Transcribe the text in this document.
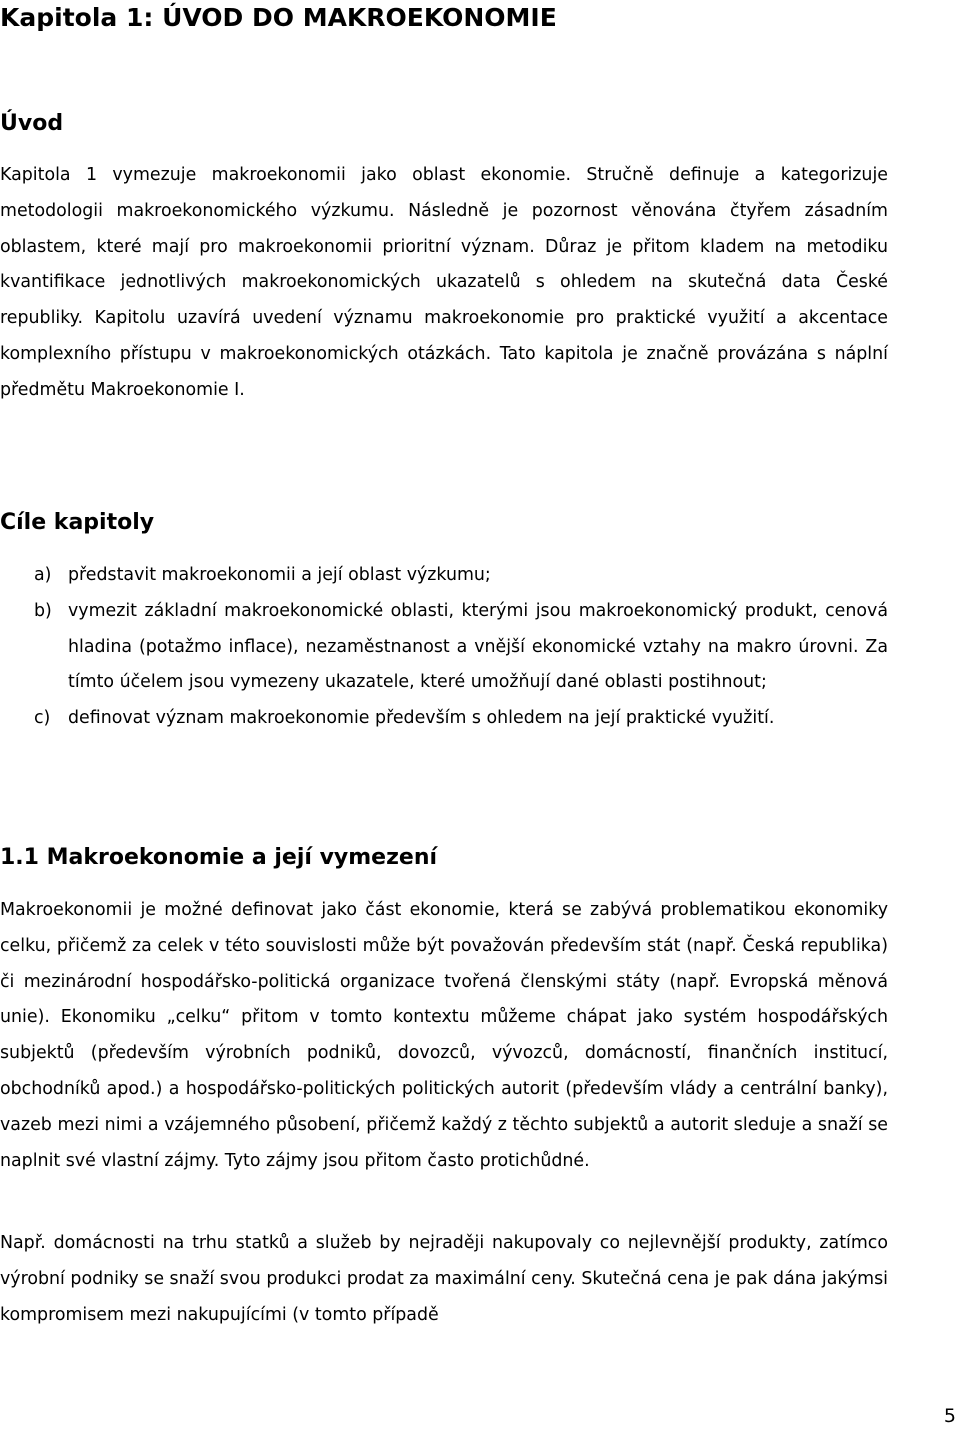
Kapitola 1: ÚVOD DO MAKROEKONOMIE
Úvod

Kapitola 1 vymezuje makroekonomii jako oblast ekonomie. Stručně definuje a kategorizuje metodologii makroekonomického výzkumu. Následně je pozornost věnována čtyřem zásadním oblastem, které mají pro makroekonomii prioritní význam. Důraz je přitom kladem na metodiku kvantifikace jednotlivých makroekonomických ukazatelů s ohledem na skutečná data České republiky. Kapitolu uzavírá uvedení významu makroekonomie pro praktické využití a akcentace komplexního přístupu v makroekonomických otázkách. Tato kapitola je značně provázána s náplní předmětu Makroekonomie I.

Cíle kapitoly
a) představit makroekonomii a její oblast výzkumu;
b) vymezit základní makroekonomické oblasti, kterými jsou makroekonomický produkt, cenová hladina (potažmo inflace), nezaměstnanost a vnější ekonomické vztahy na makro úrovni. Za tímto účelem jsou vymezeny ukazatele, které umožňují dané oblasti postihnout;
c)	definovat význam makroekonomie především s ohledem na její praktické využití.
1.1 Makroekonomie a její vymezení

Makroekonomii je možné definovat jako část ekonomie, která se zabývá problematikou ekonomiky celku, přičemž za celek v této souvislosti může být považován především stát (např. Česká republika) či mezinárodní hospodářsko-politická organizace tvořená členskými státy (např. Evropská měnová unie). Ekonomiku „celku“ přitom v tomto kontextu můžeme chápat jako systém hospodářských subjektů (především výrobních podniků, dovozců, vývozců, domácností, finančních institucí, obchodníků apod.) a hospodářsko-politických politických autorit (především vlády a centrální banky), vazeb mezi nimi a vzájemného působení, přičemž každý z těchto subjektů a autorit sleduje a snaží se naplnit své vlastní zájmy. Tyto zájmy jsou přitom často protichůdné.

Např. domácnosti na trhu statků a služeb by nejraději nakupovaly co nejlevnější produkty, zatímco výrobní podniky se snaží svou produkci prodat za maximální ceny. Skutečná cena je pak dána jakýmsi kompromisem mezi nakupujícími (v tomto případě

5
